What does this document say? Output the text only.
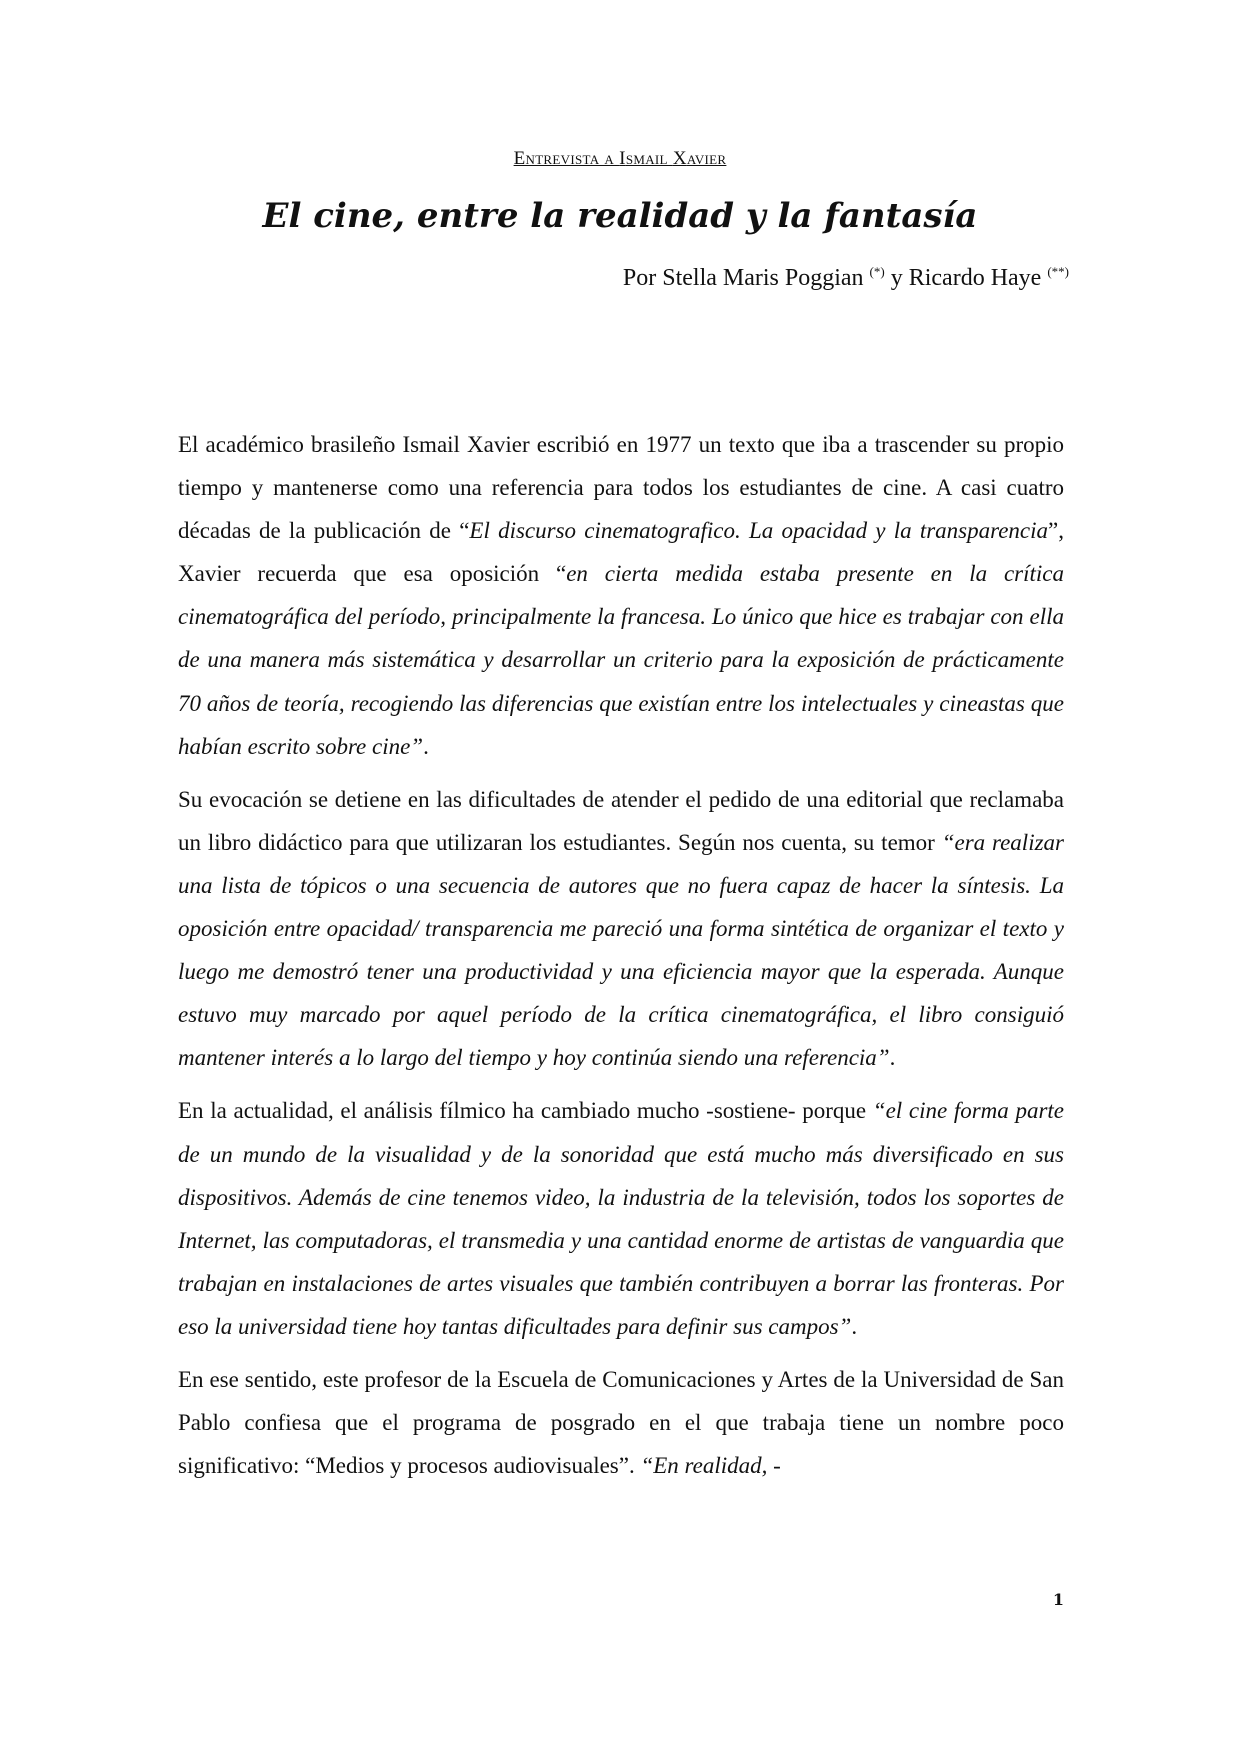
Entrevista a Ismail Xavier
El cine, entre la realidad y la fantasía
Por Stella Maris Poggian (*) y Ricardo Haye (**)

El académico brasileño Ismail Xavier escribió en 1977 un texto que iba a trascender su propio tiempo y mantenerse como una referencia para todos los estudiantes de cine. A casi cuatro décadas de la publicación de “El discurso cinematografico. La opacidad y la transparencia”, Xavier recuerda que esa oposición “en cierta medida estaba presente en la crítica cinematográfica del período, principalmente la francesa. Lo único que hice es trabajar con ella de una manera más sistemática y desarrollar un criterio para la exposición de prácticamente 70 años de teoría, recogiendo las diferencias que existían entre los intelectuales y cineastas que habían escrito sobre cine”.

Su evocación se detiene en las dificultades de atender el pedido de una editorial que reclamaba un libro didáctico para que utilizaran los estudiantes. Según nos cuenta, su temor “era realizar una lista de tópicos o una secuencia de autores que no fuera capaz de hacer la síntesis. La oposición entre opacidad/ transparencia me pareció una forma sintética de organizar el texto y luego me demostró tener una productividad y una eficiencia mayor que la esperada. Aunque estuvo muy marcado por aquel período de la crítica cinematográfica, el libro consiguió mantener interés a lo largo del tiempo y hoy continúa siendo una referencia”.

En la actualidad, el análisis fílmico ha cambiado mucho -sostiene- porque “el cine forma parte de un mundo de la visualidad y de la sonoridad que está mucho más diversificado en sus dispositivos. Además de cine tenemos video, la industria de la televisión, todos los soportes de Internet, las computadoras, el transmedia y una cantidad enorme de artistas de vanguardia que trabajan en instalaciones de artes visuales que también contribuyen a borrar las fronteras. Por eso la universidad tiene hoy tantas dificultades para definir sus campos”.

En ese sentido, este profesor de la Escuela de Comunicaciones y Artes de la Universidad de San Pablo confiesa que el programa de posgrado en el que trabaja tiene un nombre poco significativo: “Medios y procesos audiovisuales”. “En realidad, -

1
